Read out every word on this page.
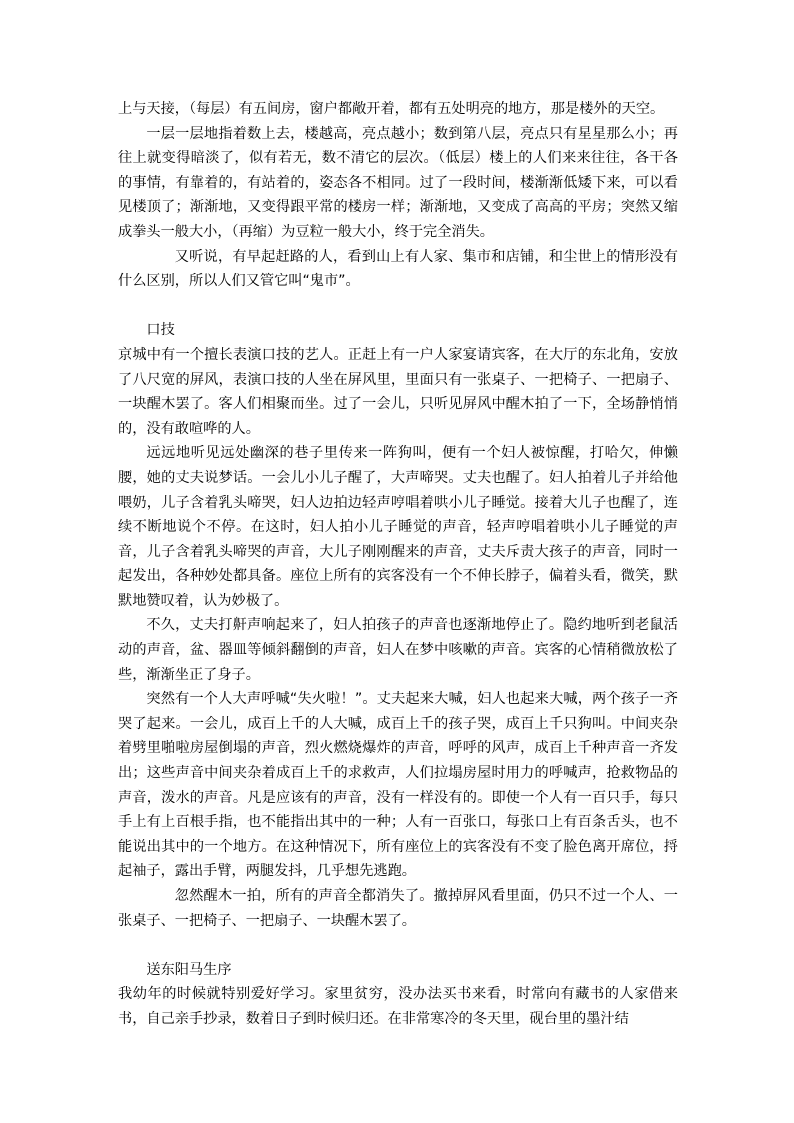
上与天接，（每层）有五间房，窗户都敞开着，都有五处明亮的地方，那是楼外的天空。

一层一层地指着数上去，楼越高，亮点越小；数到第八层，亮点只有星星那么小；再往上就变得暗淡了，似有若无，数不清它的层次。（低层）楼上的人们来来往往，各干各的事情，有靠着的，有站着的，姿态各不相同。过了一段时间，楼渐渐低矮下来，可以看见楼顶了；渐渐地，又变得跟平常的楼房一样；渐渐地，又变成了高高的平房；突然又缩成拳头一般大小，（再缩）为豆粒一般大小，终于完全消失。

又听说，有早起赶路的人，看到山上有人家、集市和店铺，和尘世上的情形没有什么区别，所以人们又管它叫“鬼市”。

口技

京城中有一个擅长表演口技的艺人。正赶上有一户人家宴请宾客，在大厅的东北角，安放了八尺宽的屏风，表演口技的人坐在屏风里，里面只有一张桌子、一把椅子、一把扇子、一块醒木罢了。客人们相聚而坐。过了一会儿，只听见屏风中醒木拍了一下，全场静悄悄的，没有敢喧哗的人。

远远地听见远处幽深的巷子里传来一阵狗叫，便有一个妇人被惊醒，打哈欠，伸懒腰，她的丈夫说梦话。一会儿小儿子醒了，大声啼哭。丈夫也醒了。妇人拍着儿子并给他喂奶，儿子含着乳头啼哭，妇人边拍边轻声哼唱着哄小儿子睡觉。接着大儿子也醒了，连续不断地说个不停。在这时，妇人拍小儿子睡觉的声音，轻声哼唱着哄小儿子睡觉的声音，儿子含着乳头啼哭的声音，大儿子刚刚醒来的声音，丈夫斥责大孩子的声音，同时一起发出，各种妙处都具备。座位上所有的宾客没有一个不伸长脖子，偏着头看，微笑，默默地赞叹着，认为妙极了。

不久，丈夫打鼾声响起来了，妇人拍孩子的声音也逐渐地停止了。隐约地听到老鼠活动的声音，盆、器皿等倾斜翻倒的声音，妇人在梦中咳嗽的声音。宾客的心情稍微放松了些，渐渐坐正了身子。

突然有一个人大声呼喊“失火啦！”。丈夫起来大喊，妇人也起来大喊，两个孩子一齐哭了起来。一会儿，成百上千的人大喊，成百上千的孩子哭，成百上千只狗叫。中间夹杂着劈里啪啦房屋倒塌的声音，烈火燃烧爆炸的声音，呼呼的风声，成百上千种声音一齐发出；这些声音中间夹杂着成百上千的求救声，人们拉塌房屋时用力的呼喊声，抢救物品的声音，泼水的声音。凡是应该有的声音，没有一样没有的。即使一个人有一百只手，每只手上有上百根手指，也不能指出其中的一种；人有一百张口，每张口上有百条舌头，也不能说出其中的一个地方。在这种情况下，所有座位上的宾客没有不变了脸色离开席位，捋起袖子，露出手臂，两腿发抖，几乎想先逃跑。

忽然醒木一拍，所有的声音全都消失了。撤掉屏风看里面，仍只不过一个人、一张桌子、一把椅子、一把扇子、一块醒木罢了。

送东阳马生序

我幼年的时候就特别爱好学习。家里贫穷，没办法买书来看，时常向有藏书的人家借来书，自己亲手抄录，数着日子到时候归还。在非常寒冷的冬天里，砚台里的墨汁结
